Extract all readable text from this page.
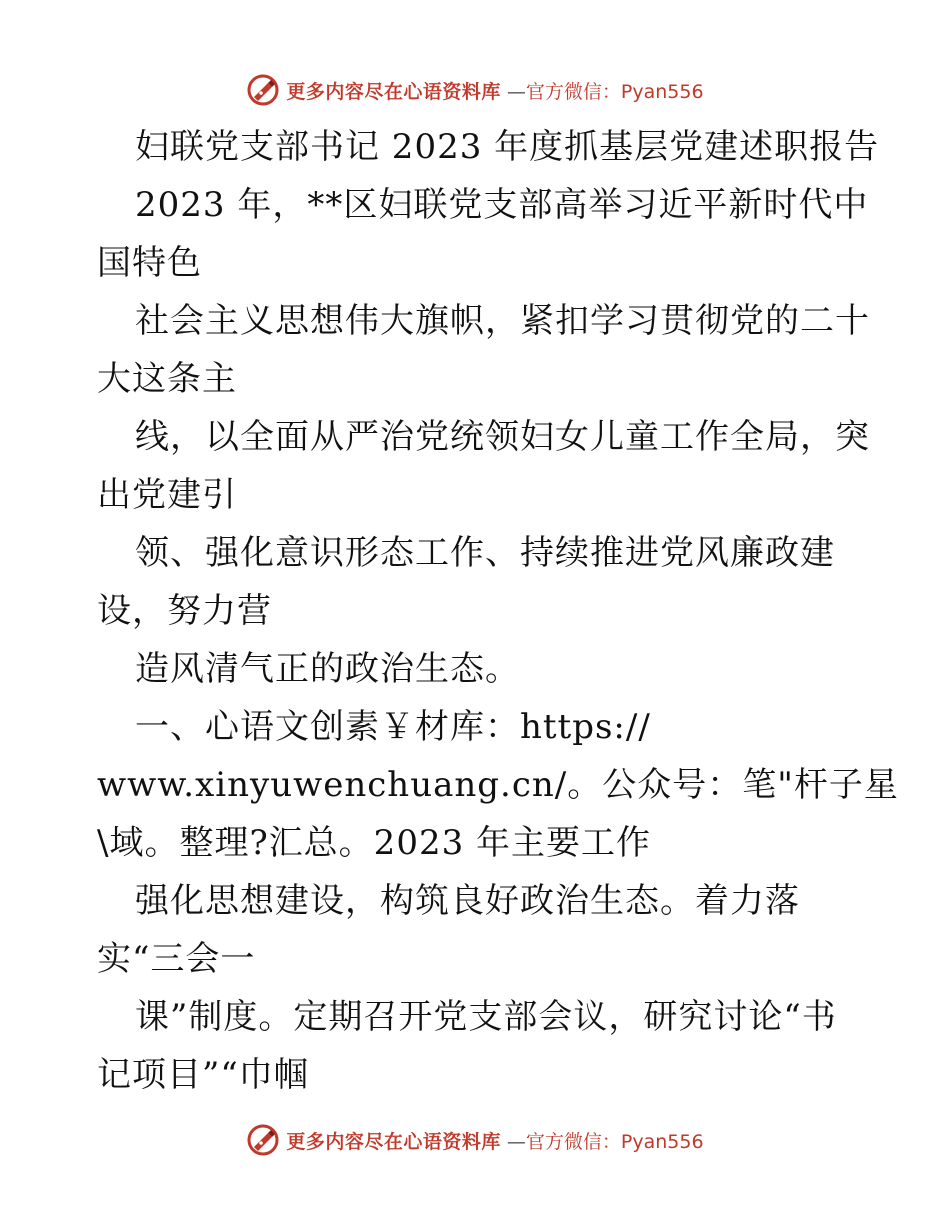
更多内容尽在心语资料库 —官方微信：Pyan556
妇联党支部书记 2023 年度抓基层党建述职报告
2023 年，**区妇联党支部高举习近平新时代中
国特色
社会主义思想伟大旗帜，紧扣学习贯彻党的二十
大这条主
线，以全面从严治党统领妇女儿童工作全局，突
出党建引
领、强化意识形态工作、持续推进党风廉政建
设，努力营
造风清气正的政治生态。
一、心语文创素￥材库：https://
www.xinyuwenchuang.cn/。公众号：笔"杆子星
\域。整理?汇总。2023 年主要工作
强化思想建设，构筑良好政治生态。着力落
实“三会一
课”制度。定期召开党支部会议，研究讨论“书
记项目”“巾帼
更多内容尽在心语资料库 —官方微信：Pyan556
